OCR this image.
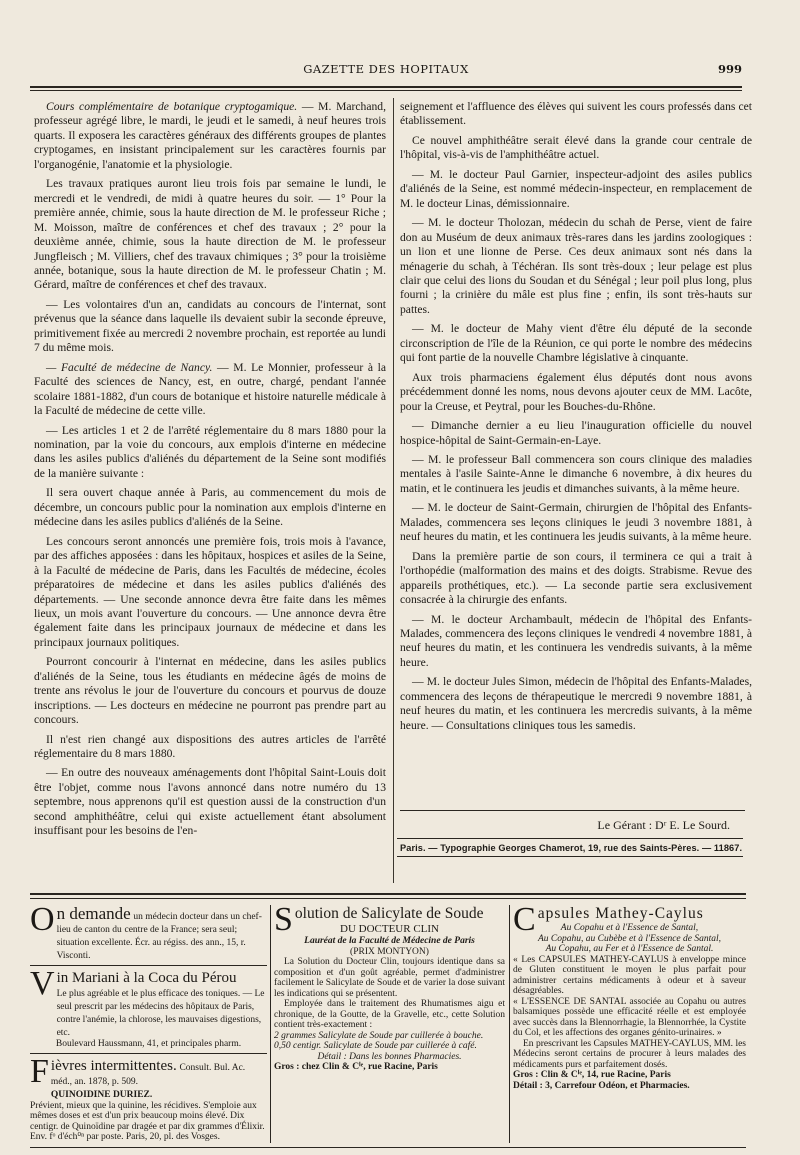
GAZETTE DES HOPITAUX	999

Cours complémentaire de botanique cryptogamique. — M. Marchand, professeur agrégé libre, le mardi, le jeudi et le samedi, à neuf heures trois quarts. Il exposera les caractères généraux des différents groupes de plantes cryptogames, en insistant principalement sur les caractères fournis par l'organogénie, l'anatomie et la physiologie.

Les travaux pratiques auront lieu trois fois par semaine le lundi, le mercredi et le vendredi, de midi à quatre heures du soir. — 1° Pour la première année, chimie, sous la haute direction de M. le professeur Riche ; M. Moisson, maître de conférences et chef des travaux ; 2° pour la deuxième année, chimie, sous la haute direction de M. le professeur Jungfleisch ; M. Villiers, chef des travaux chimiques ; 3° pour la troisième année, botanique, sous la haute direction de M. le professeur Chatin ; M. Gérard, maître de conférences et chef des travaux.

— Les volontaires d'un an, candidats au concours de l'internat, sont prévenus que la séance dans laquelle ils devaient subir la seconde épreuve, primitivement fixée au mercredi 2 novembre prochain, est reportée au lundi 7 du même mois.

— Faculté de médecine de Nancy. — M. Le Monnier, professeur à la Faculté des sciences de Nancy, est, en outre, chargé, pendant l'année scolaire 1881-1882, d'un cours de botanique et histoire naturelle médicale à la Faculté de médecine de cette ville.

— Les articles 1 et 2 de l'arrêté réglementaire du 8 mars 1880 pour la nomination, par la voie du concours, aux emplois d'interne en médecine dans les asiles publics d'aliénés du département de la Seine sont modifiés de la manière suivante :

Il sera ouvert chaque année à Paris, au commencement du mois de décembre, un concours public pour la nomination aux emplois d'interne en médecine dans les asiles publics d'aliénés de la Seine.

Les concours seront annoncés une première fois, trois mois à l'avance, par des affiches apposées : dans les hôpitaux, hospices et asiles de la Seine, à la Faculté de médecine de Paris, dans les Facultés de médecine, écoles préparatoires de médecine et dans les asiles publics d'aliénés des départements. — Une seconde annonce devra être faite dans les mêmes lieux, un mois avant l'ouverture du concours. — Une annonce devra être également faite dans les principaux journaux de médecine et dans les principaux journaux politiques.

Pourront concourir à l'internat en médecine, dans les asiles publics d'aliénés de la Seine, tous les étudiants en médecine âgés de moins de trente ans révolus le jour de l'ouverture du concours et pourvus de douze inscriptions. — Les docteurs en médecine ne pourront pas prendre part au concours.

Il n'est rien changé aux dispositions des autres articles de l'arrêté réglementaire du 8 mars 1880.

— En outre des nouveaux aménagements dont l'hôpital Saint-Louis doit être l'objet, comme nous l'avons annoncé dans notre numéro du 13 septembre, nous apprenons qu'il est question aussi de la construction d'un second amphithéâtre, celui qui existe actuellement étant absolument insuffisant pour les besoins de l'en-

seignement et l'affluence des élèves qui suivent les cours professés dans cet établissement.

Ce nouvel amphithéâtre serait élevé dans la grande cour centrale de l'hôpital, vis-à-vis de l'amphithéâtre actuel.

— M. le docteur Paul Garnier, inspecteur-adjoint des asiles publics d'aliénés de la Seine, est nommé médecin-inspecteur, en remplacement de M. le docteur Linas, démissionnaire.

— M. le docteur Tholozan, médecin du schah de Perse, vient de faire don au Muséum de deux animaux très-rares dans les jardins zoologiques : un lion et une lionne de Perse. Ces deux animaux sont nés dans la ménagerie du schah, à Téchéran. Ils sont très-doux ; leur pelage est plus clair que celui des lions du Soudan et du Sénégal ; leur poil plus long, plus fourni ; la crinière du mâle est plus fine ; enfin, ils sont très-hauts sur pattes.

— M. le docteur de Mahy vient d'être élu député de la seconde circonscription de l'île de la Réunion, ce qui porte le nombre des médecins qui font partie de la nouvelle Chambre législative à cinquante.

Aux trois pharmaciens également élus députés dont nous avons précédemment donné les noms, nous devons ajouter ceux de MM. Lacôte, pour la Creuse, et Peytral, pour les Bouches-du-Rhône.

— Dimanche dernier a eu lieu l'inauguration officielle du nouvel hospice-hôpital de Saint-Germain-en-Laye.

— M. le professeur Ball commencera son cours clinique des maladies mentales à l'asile Sainte-Anne le dimanche 6 novembre, à dix heures du matin, et le continuera les jeudis et dimanches suivants, à la même heure.

— M. le docteur de Saint-Germain, chirurgien de l'hôpital des Enfants-Malades, commencera ses leçons cliniques le jeudi 3 novembre 1881, à neuf heures du matin, et les continuera les jeudis suivants, à la même heure.

Dans la première partie de son cours, il terminera ce qui a trait à l'orthopédie (malformation des mains et des doigts. Strabisme. Revue des appareils prothétiques, etc.). — La seconde partie sera exclusivement consacrée à la chirurgie des enfants.

— M. le docteur Archambault, médecin de l'hôpital des Enfants-Malades, commencera des leçons cliniques le vendredi 4 novembre 1881, à neuf heures du matin, et les continuera les vendredis suivants, à la même heure.

— M. le docteur Jules Simon, médecin de l'hôpital des Enfants-Malades, commencera des leçons de thérapeutique le mercredi 9 novembre 1881, à neuf heures du matin, et les continuera les mercredis suivants, à la même heure. — Consultations cliniques tous les samedis.

Le Gérant : Dʳ E. Le Sourd.
Paris. — Typographie Georges Chamerot, 19, rue des Saints-Pères. — 11867.
O n demande un médecin docteur dans un chef-lieu de canton du centre de la France; sera seul; situation excellente. Écr. au régiss. des ann., 15, r. Visconti.
V in Mariani à la Coca du Pérou
Le plus agréable et le plus efficace des toniques. — Le seul prescrit par les médecins des hôpitaux de Paris, contre l'anémie, la chlorose, les mauvaises digestions, etc.

Boulevard Haussmann, 41, et principales pharm.

F ièvres intermittentes. Consult. Bul. Ac. méd., an. 1878, p. 509.
QUINOIDINE DURIEZ.

Prévient, mieux que la quinine, les récidives. S'emploie aux mêmes doses et est d'un prix beaucoup moins élevé. Dix centigr. de Quinoïdine par dragée et par dix grammes d'Élixir.

Env. fᵒ d'éch⁰ⁿ par poste. Paris, 20, pl. des Vosges.

S olution de Salicylate de Soude

DU DOCTEUR CLIN

Lauréat de la Faculté de Médecine de Paris

(PRIX MONTYON)

La Solution du Docteur Clin, toujours identique dans sa composition et d'un goût agréable, permet d'administrer facilement le Salicylate de Soude et de varier la dose suivant les indications qui se présentent.

Employée dans le traitement des Rhumatismes aigu et chronique, de la Goutte, de la Gravelle, etc., cette Solution contient très-exactement :

2 grammes Salicylate de Soude par cuillerée à bouche.

0,50 centigr. Salicylate de Soude par cuillerée à café.

Détail : Dans les bonnes Pharmacies.

Gros : chez Clin & Cⁱᵉ, rue Racine, Paris

C apsules Mathey-Caylus

Au Copahu et à l'Essence de Santal,

Au Copahu, au Cubèbe et à l'Essence de Santal,

Au Copahu, au Fer et à l'Essence de Santal.

« Les CAPSULES MATHEY-CAYLUS à enveloppe mince de Gluten constituent le moyen le plus parfait pour administrer certains médicaments à odeur et à saveur désagréables.

« L'ESSENCE DE SANTAL associée au Copahu ou autres balsamiques possède une efficacité réelle et est employée avec succès dans la Blennorrhagie, la Blennorrhée, la Cystite du Col, et les affections des organes génito-urinaires. »

En prescrivant les Capsules MATHEY-CAYLUS, MM. les Médecins seront certains de procurer à leurs malades des médicaments purs et parfaitement dosés.

Gros : Clin & Cⁱᵉ, 14, rue Racine, Paris

Détail : 3, Carrefour Odéon, et Pharmacies.
